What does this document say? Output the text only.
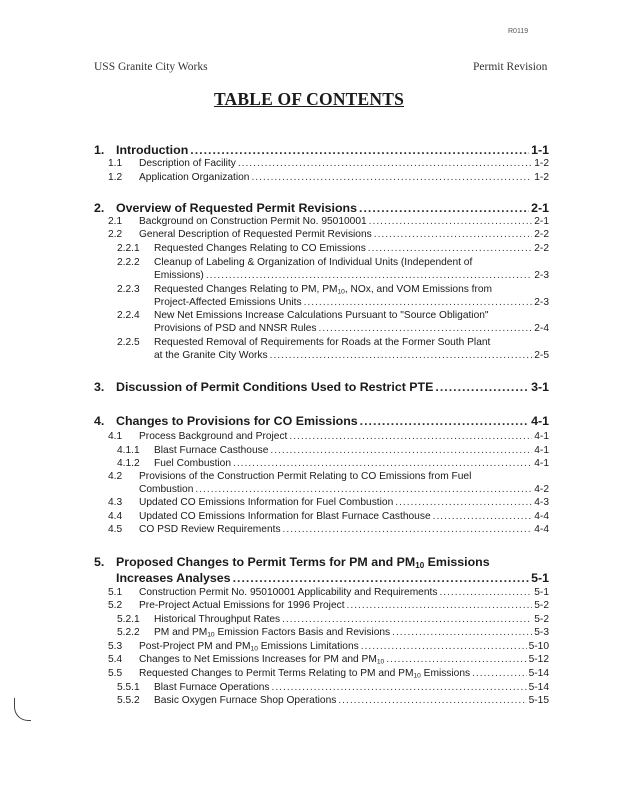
R0119
USS Granite City Works	Permit Revision
TABLE OF CONTENTS
1. Introduction .....	1-1
1.1	Description of Facility .....	1-2
1.2	Application Organization .....	1-2
2. Overview of Requested Permit Revisions .....	2-1
2.1	Background on Construction Permit No. 95010001 .....	2-1
2.2	General Description of Requested Permit Revisions .....	2-2
2.2.1	Requested Changes Relating to CO Emissions .....	2-2
2.2.2 Cleanup of Labeling & Organization of Individual Units (Independent of
Emissions) .....	2-3
2.2.3 Requested Changes Relating to PM, $PM_{10}$, NOx, and VOM Emissions from
Project-Affected Emissions Units .....	2-3
2.2.4 New Net Emissions Increase Calculations Pursuant to "Source Obligation"
Provisions of PSD and NNSR Rules .....	2-4
2.2.5 Requested Removal of Requirements for Roads at the Former South Plant
at the Granite City Works .....	2-5
3. Discussion of Permit Conditions Used to Restrict PTE .....	3-1
4. Changes to Provisions for CO Emissions .....	4-1
4.1	Process Background and Project .....	4-1
4.1.1	Blast Furnace Casthouse .....	4-1
4.1.2	Fuel Combustion .....	4-1
4.2 Provisions of the Construction Permit Relating to CO Emissions from Fuel
Combustion .....	4-2
4.3	Updated CO Emissions Information for Fuel Combustion .....	4-3
4.4	Updated CO Emissions Information for Blast Furnace Casthouse .....	4-4
4.5	CO PSD Review Requirements .....	4-4
5. Proposed Changes to Permit Terms for PM and $PM_{10}$ Emissions
Increases Analyses .....	5-1
5.1	Construction Permit No. 95010001 Applicability and Requirements .....	5-1
5.2	Pre-Project Actual Emissions for 1996 Project .....	5-2
5.2.1	Historical Throughput Rates .....	5-2
5.2.2	PM and $PM_{10}$ Emission Factors Basis and Revisions .....	5-3
5.3	Post-Project PM and $PM_{10}$ Emissions Limitations .....	5-10
5.4	Changes to Net Emissions Increases for PM and $PM_{10}$ .....	5-12
5.5	Requested Changes to Permit Terms Relating to PM and $PM_{10}$ Emissions .....	5-14
5.5.1	Blast Furnace Operations .....	5-14
5.5.2	Basic Oxygen Furnace Shop Operations .....	5-15
